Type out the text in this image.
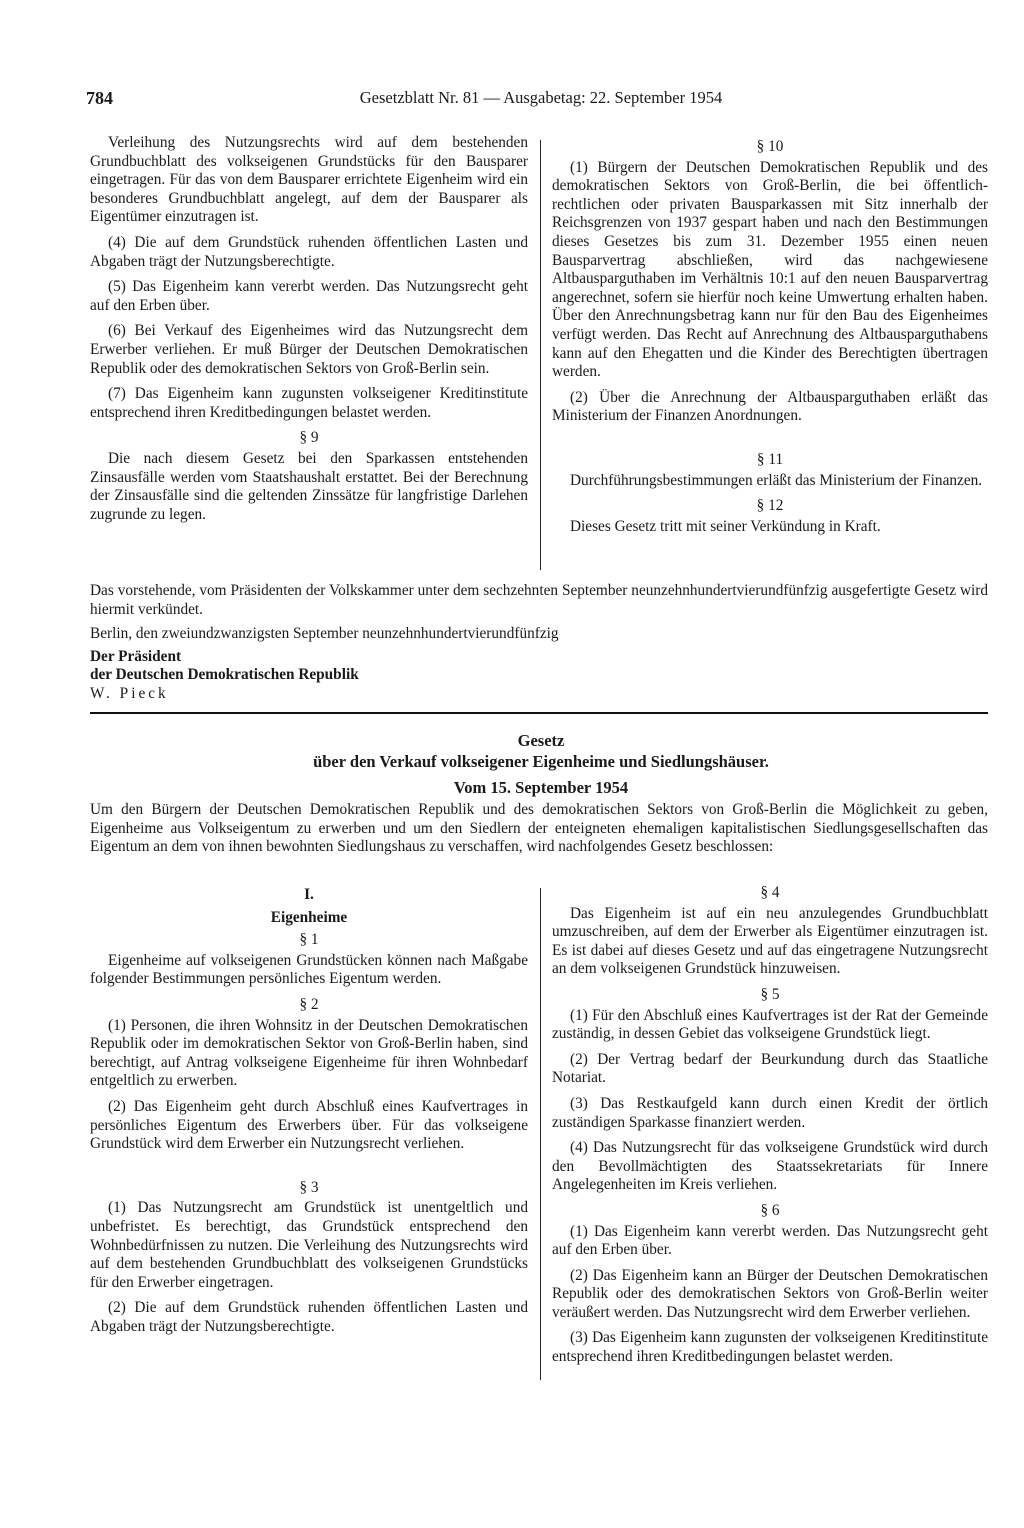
784	Gesetzblatt Nr. 81 — Ausgabetag: 22. September 1954

Verleihung des Nutzungsrechts wird auf dem bestehenden Grundbuchblatt des volkseigenen Grundstücks für den Bausparer eingetragen. Für das von dem Bausparer errichtete Eigenheim wird ein besonderes Grundbuchblatt angelegt, auf dem der Bausparer als Eigentümer einzutragen ist.

(4) Die auf dem Grundstück ruhenden öffentlichen Lasten und Abgaben trägt der Nutzungsberechtigte.

(5) Das Eigenheim kann vererbt werden. Das Nutzungsrecht geht auf den Erben über.

(6) Bei Verkauf des Eigenheimes wird das Nutzungsrecht dem Erwerber verliehen. Er muß Bürger der Deutschen Demokratischen Republik oder des demokratischen Sektors von Groß-Berlin sein.

(7) Das Eigenheim kann zugunsten volkseigener Kreditinstitute entsprechend ihren Kreditbedingungen belastet werden.

§ 9

Die nach diesem Gesetz bei den Sparkassen entstehenden Zinsausfälle werden vom Staatshaushalt erstattet. Bei der Berechnung der Zinsausfälle sind die geltenden Zinssätze für langfristige Darlehen zugrunde zu legen.

§ 10

(1) Bürgern der Deutschen Demokratischen Republik und des demokratischen Sektors von Groß-Berlin, die bei öffentlich-rechtlichen oder privaten Bausparkassen mit Sitz innerhalb der Reichsgrenzen von 1937 gespart haben und nach den Bestimmungen dieses Gesetzes bis zum 31. Dezember 1955 einen neuen Bausparvertrag abschließen, wird das nachgewiesene Altbausparguthaben im Verhältnis 10:1 auf den neuen Bausparvertrag angerechnet, sofern sie hierfür noch keine Umwertung erhalten haben. Über den Anrechnungsbetrag kann nur für den Bau des Eigenheimes verfügt werden. Das Recht auf Anrechnung des Altbausparguthabens kann auf den Ehegatten und die Kinder des Berechtigten übertragen werden.

(2) Über die Anrechnung der Altbausparguthaben erläßt das Ministerium der Finanzen Anordnungen.

§ 11

Durchführungsbestimmungen erläßt das Ministerium der Finanzen.

§ 12

Dieses Gesetz tritt mit seiner Verkündung in Kraft.

Das vorstehende, vom Präsidenten der Volkskammer unter dem sechzehnten September neunzehnhundertvierundfünfzig ausgefertigte Gesetz wird hiermit verkündet.

Berlin, den zweiundzwanzigsten September neunzehnhundertvierundfünfzig

Der Präsident

der Deutschen Demokratischen Republik

W. Pieck

Gesetz
über den Verkauf volkseigener Eigenheime und Siedlungshäuser.
Vom 15. September 1954

Um den Bürgern der Deutschen Demokratischen Republik und des demokratischen Sektors von Groß-Berlin die Möglichkeit zu geben, Eigenheime aus Volkseigentum zu erwerben und um den Siedlern der enteigneten ehemaligen kapitalistischen Siedlungsgesellschaften das Eigentum an dem von ihnen bewohnten Siedlungshaus zu verschaffen, wird nachfolgendes Gesetz beschlossen:

I.
Eigenheime
§ 1

Eigenheime auf volkseigenen Grundstücken können nach Maßgabe folgender Bestimmungen persönliches Eigentum werden.

§ 2

(1) Personen, die ihren Wohnsitz in der Deutschen Demokratischen Republik oder im demokratischen Sektor von Groß-Berlin haben, sind berechtigt, auf Antrag volkseigene Eigenheime für ihren Wohnbedarf entgeltlich zu erwerben.

(2) Das Eigenheim geht durch Abschluß eines Kaufvertrages in persönliches Eigentum des Erwerbers über. Für das volkseigene Grundstück wird dem Erwerber ein Nutzungsrecht verliehen.

§ 3

(1) Das Nutzungsrecht am Grundstück ist unentgeltlich und unbefristet. Es berechtigt, das Grundstück entsprechend den Wohnbedürfnissen zu nutzen. Die Verleihung des Nutzungsrechts wird auf dem bestehenden Grundbuchblatt des volkseigenen Grundstücks für den Erwerber eingetragen.

(2) Die auf dem Grundstück ruhenden öffentlichen Lasten und Abgaben trägt der Nutzungsberechtigte.

§ 4

Das Eigenheim ist auf ein neu anzulegendes Grundbuchblatt umzuschreiben, auf dem der Erwerber als Eigentümer einzutragen ist. Es ist dabei auf dieses Gesetz und auf das eingetragene Nutzungsrecht an dem volkseigenen Grundstück hinzuweisen.

§ 5

(1) Für den Abschluß eines Kaufvertrages ist der Rat der Gemeinde zuständig, in dessen Gebiet das volkseigene Grundstück liegt.

(2) Der Vertrag bedarf der Beurkundung durch das Staatliche Notariat.

(3) Das Restkaufgeld kann durch einen Kredit der örtlich zuständigen Sparkasse finanziert werden.

(4) Das Nutzungsrecht für das volkseigene Grundstück wird durch den Bevollmächtigten des Staatssekretariats für Innere Angelegenheiten im Kreis verliehen.

§ 6

(1) Das Eigenheim kann vererbt werden. Das Nutzungsrecht geht auf den Erben über.

(2) Das Eigenheim kann an Bürger der Deutschen Demokratischen Republik oder des demokratischen Sektors von Groß-Berlin weiter veräußert werden. Das Nutzungsrecht wird dem Erwerber verliehen.

(3) Das Eigenheim kann zugunsten der volkseigenen Kreditinstitute entsprechend ihren Kreditbedingungen belastet werden.
